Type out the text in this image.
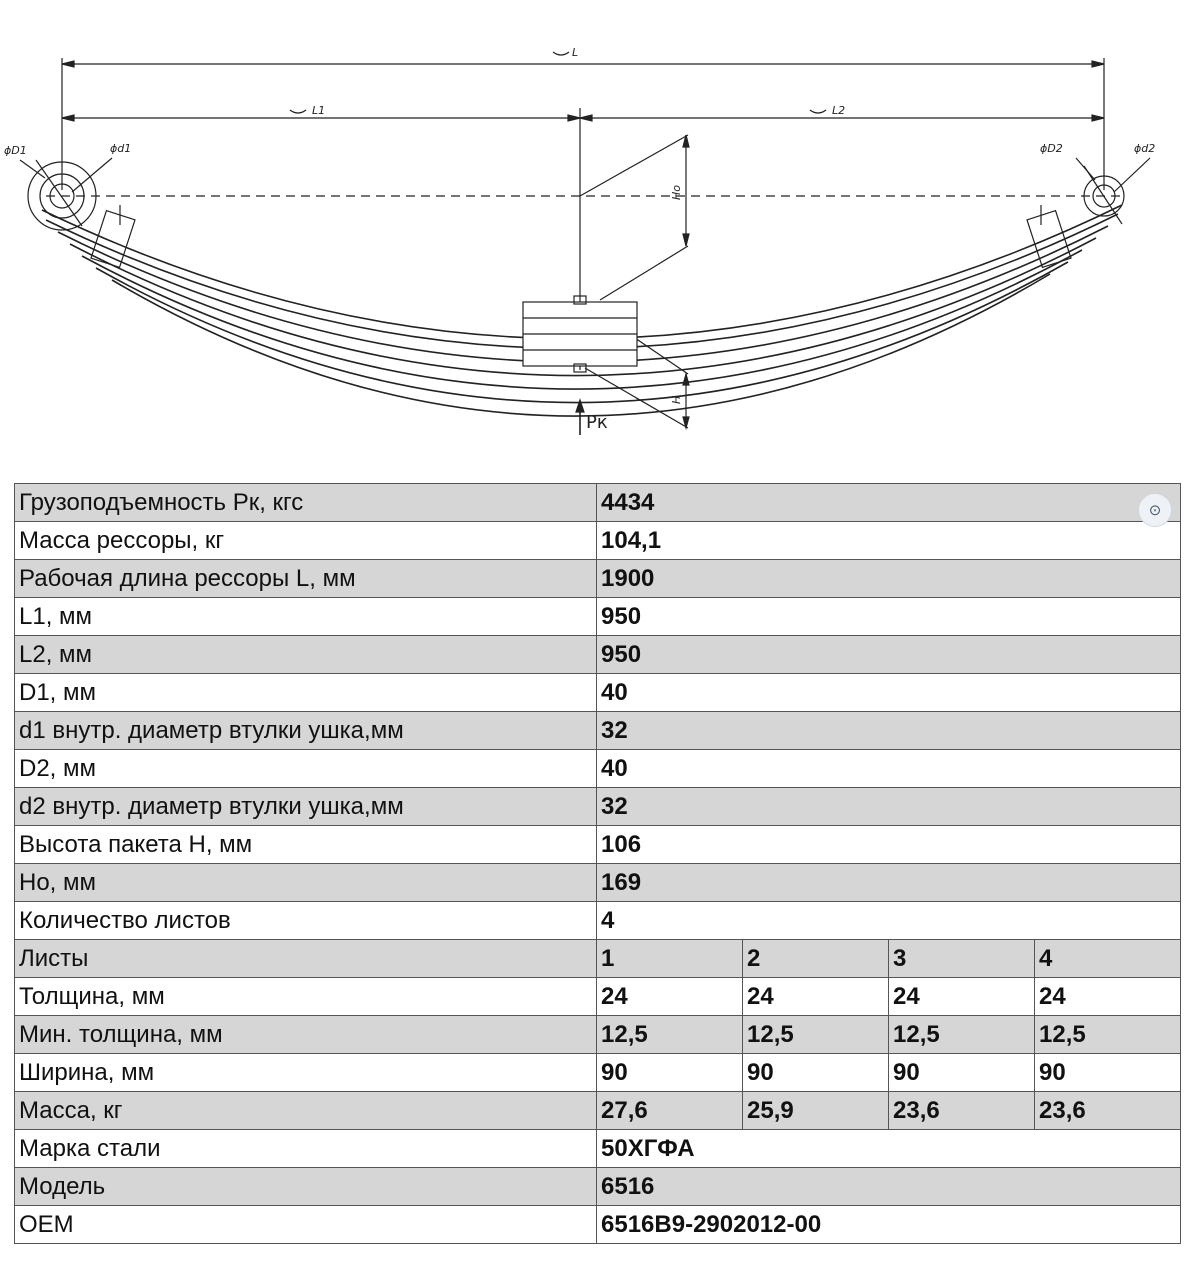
L
L1	L2
ϕD1	ϕd1	ϕD2	ϕd2
Ho
H
Pк
Грузоподъемность Рк, кгс	4434			
Масса рессоры, кг	104,1			
Рабочая длина рессоры L, мм	1900			
L1, мм	950			
L2, мм	950			
D1, мм	40			
d1 внутр. диаметр втулки ушка,мм	32			
D2, мм	40			
d2 внутр. диаметр втулки ушка,мм	32			
Высота пакета H, мм	106			
Ho, мм	169			
Количество листов	4			
Листы	1	2	3	4
Толщина, мм	24	24	24	24
Мин. толщина, мм	12,5	12,5	12,5	12,5
Ширина, мм	90	90	90	90
Масса, кг	27,6	25,9	23,6	23,6
Марка стали	50ХГФА			
Модель	6516			
OEM	6516В9-2902012-00			
⊙
